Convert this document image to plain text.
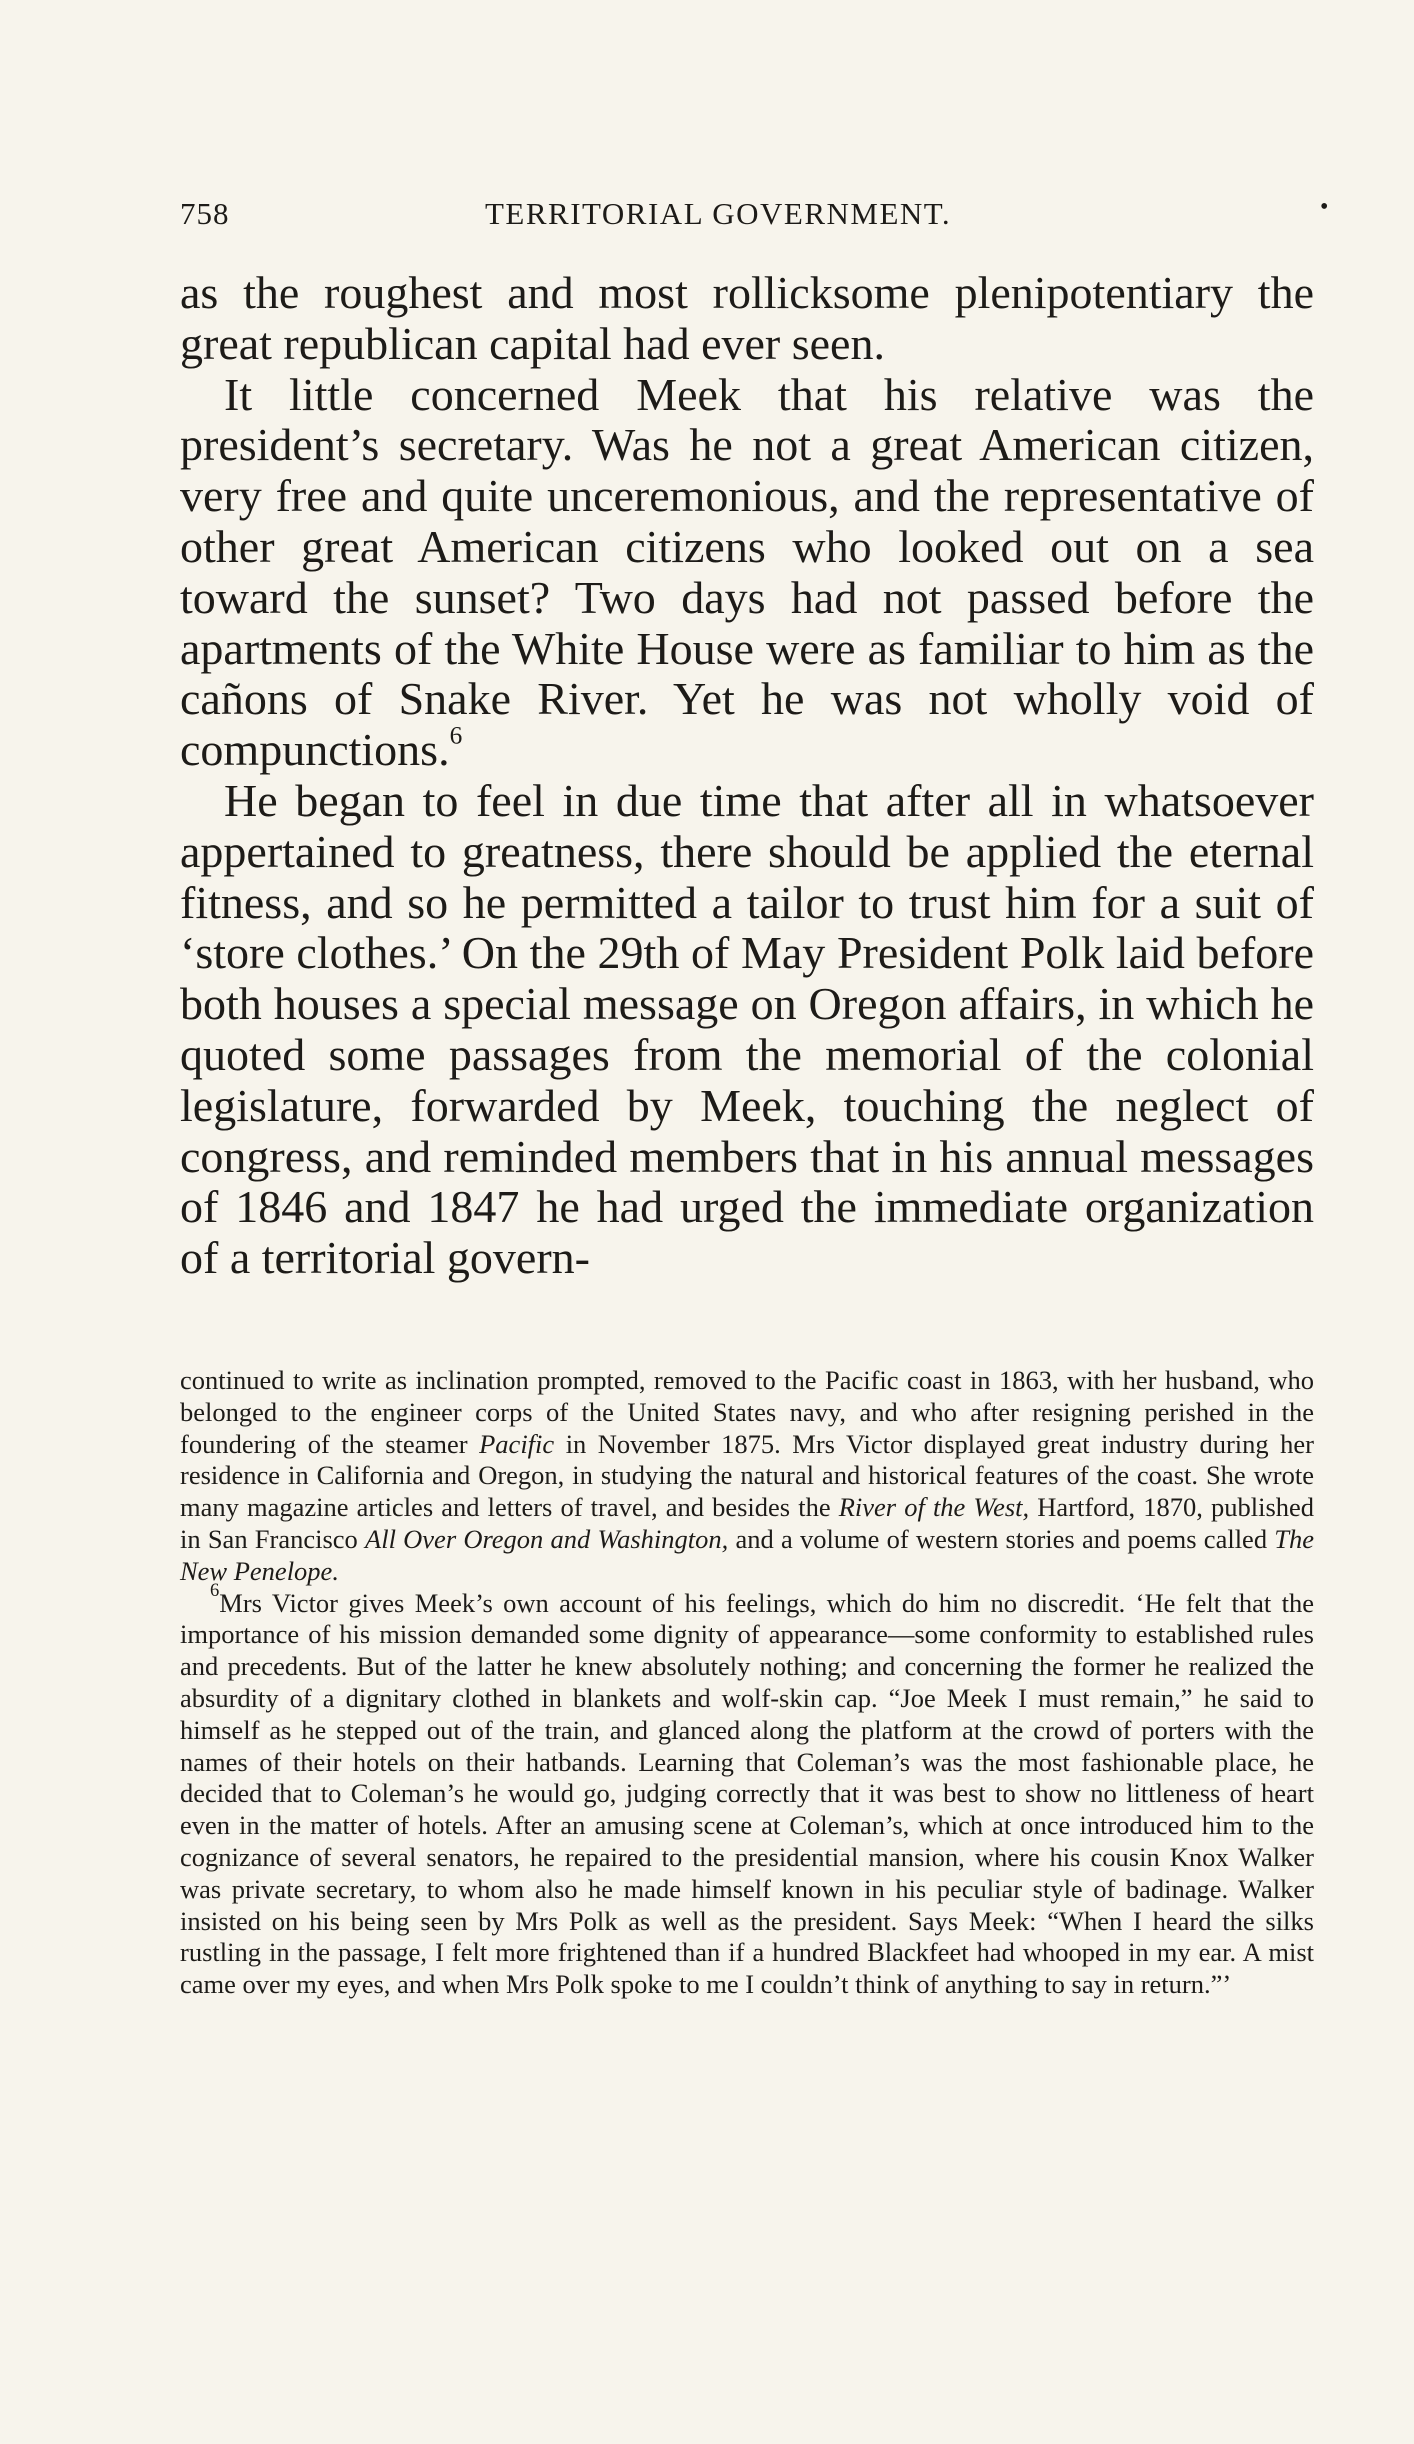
758	TERRITORIAL GOVERNMENT.	•

as the roughest and most rollicksome plenipotentiary the great republican capital had ever seen.

It little concerned Meek that his relative was the president’s secretary. Was he not a great American citizen, very free and quite unceremonious, and the representative of other great American citizens who looked out on a sea toward the sunset? Two days had not passed before the apartments of the White House were as familiar to him as the cañons of Snake River. Yet he was not wholly void of compunctions.$^6$

He began to feel in due time that after all in whatsoever appertained to greatness, there should be applied the eternal fitness, and so he permitted a tailor to trust him for a suit of ‘store clothes.’ On the 29th of May President Polk laid before both houses a special message on Oregon affairs, in which he quoted some passages from the memorial of the colonial legislature, forwarded by Meek, touching the neglect of congress, and reminded members that in his annual messages of 1846 and 1847 he had urged the immediate organization of a territorial govern-

continued to write as inclination prompted, removed to the Pacific coast in 1863, with her husband, who belonged to the engineer corps of the United States navy, and who after resigning perished in the foundering of the steamer Pacific in November 1875. Mrs Victor displayed great industry during her residence in California and Oregon, in studying the natural and historical features of the coast. She wrote many magazine articles and letters of travel, and besides the River of the West, Hartford, 1870, published in San Francisco All Over Oregon and Washington, and a volume of western stories and poems called The New Penelope.

$^6$Mrs Victor gives Meek’s own account of his feelings, which do him no discredit. ‘He felt that the importance of his mission demanded some dignity of appearance—some conformity to established rules and precedents. But of the latter he knew absolutely nothing; and concerning the former he realized the absurdity of a dignitary clothed in blankets and wolf-skin cap. “Joe Meek I must remain,” he said to himself as he stepped out of the train, and glanced along the platform at the crowd of porters with the names of their hotels on their hatbands. Learning that Coleman’s was the most fashionable place, he decided that to Coleman’s he would go, judging correctly that it was best to show no littleness of heart even in the matter of hotels. After an amusing scene at Coleman’s, which at once introduced him to the cognizance of several senators, he repaired to the presidential mansion, where his cousin Knox Walker was private secretary, to whom also he made himself known in his peculiar style of badinage. Walker insisted on his being seen by Mrs Polk as well as the president. Says Meek: “When I heard the silks rustling in the passage, I felt more frightened than if a hundred Blackfeet had whooped in my ear. A mist came over my eyes, and when Mrs Polk spoke to me I couldn’t think of anything to say in return.”’
